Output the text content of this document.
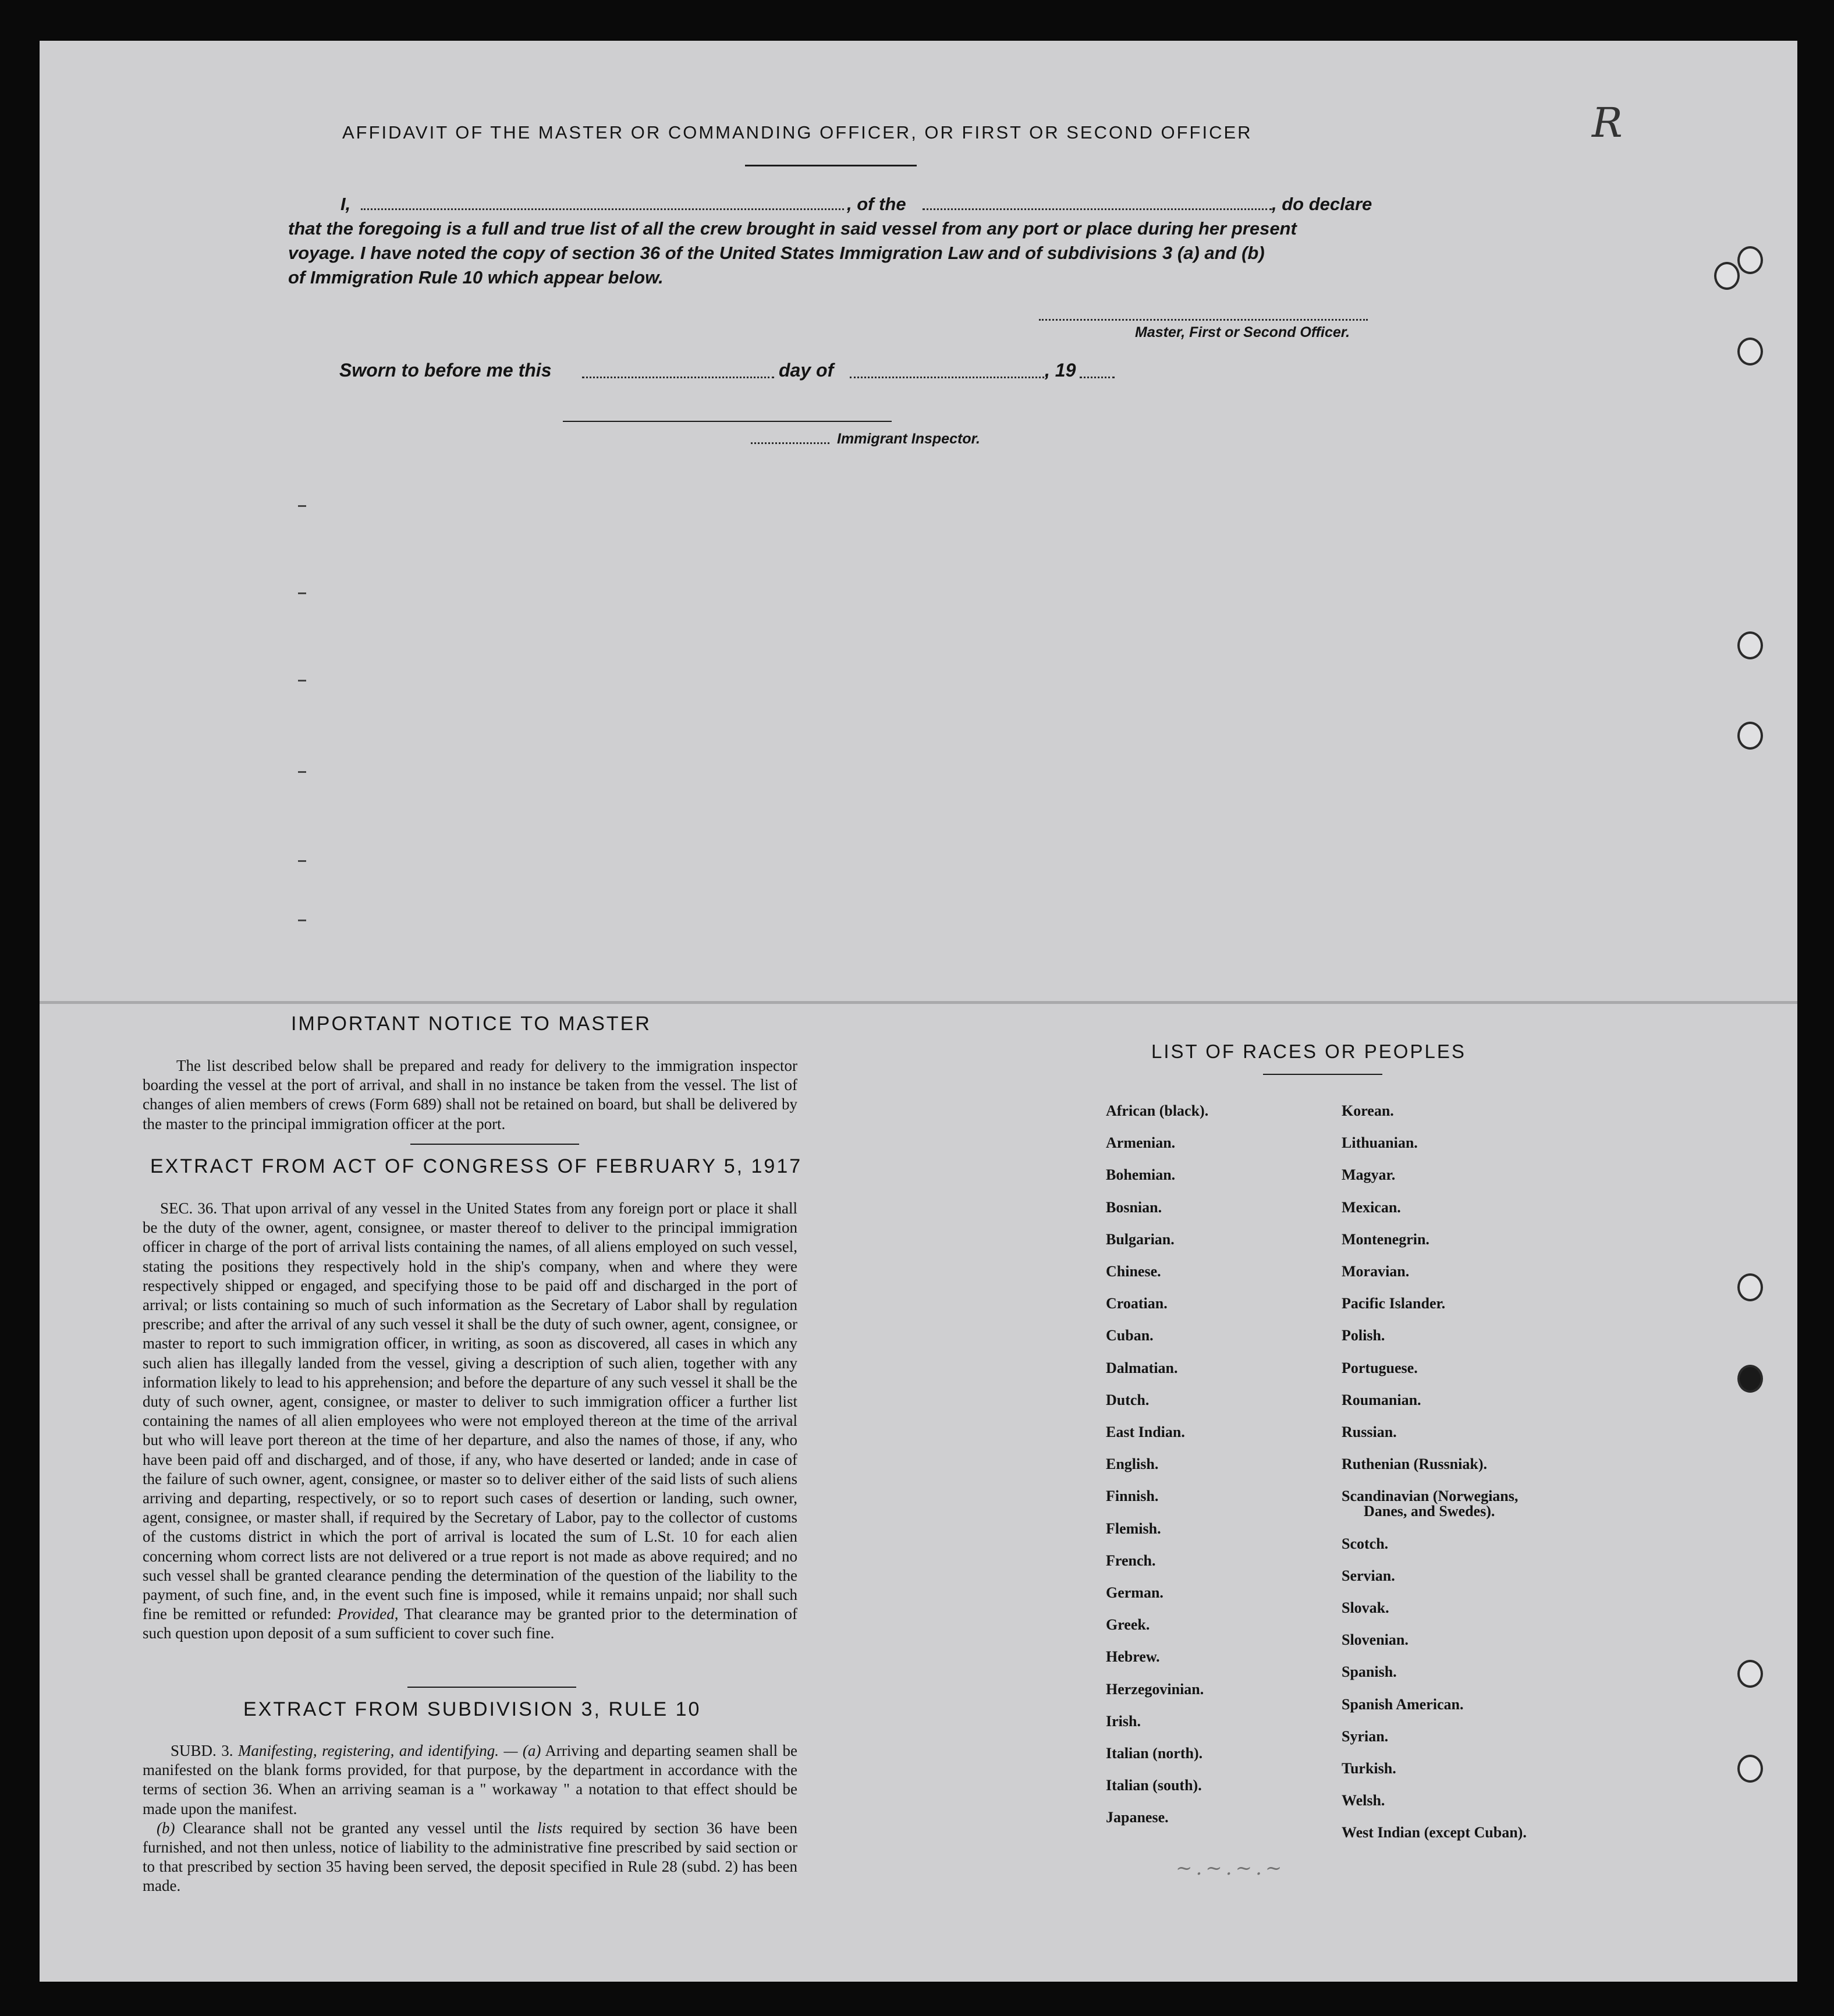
R
AFFIDAVIT OF THE MASTER OR COMMANDING OFFICER, OR FIRST OR SECOND OFFICER
I,	, of the	, do declare
that the foregoing is a full and true list of all the crew brought in said vessel from any port or place during her present
voyage. I have noted the copy of section 36 of the United States Immigration Law and of subdivisions 3 (a) and (b)
of Immigration Rule 10 which appear below.
Master, First or Second Officer.
Sworn to before me this	day of	, 19
Immigrant Inspector.
IMPORTANT NOTICE TO MASTER
The list described below shall be prepared and ready for delivery to the immigration inspector boarding the vessel at the port of arrival, and shall in no instance be taken from the vessel. The list of changes of alien members of crews (Form 689) shall not be retained on board, but shall be delivered by the master to the principal immigration officer at the port.
EXTRACT FROM ACT OF CONGRESS OF FEBRUARY 5, 1917
SEC. 36. That upon arrival of any vessel in the United States from any foreign port or place it shall be the duty of the owner, agent, consignee, or master thereof to deliver to the principal immigration officer in charge of the port of arrival lists containing the names, of all aliens employed on such vessel, stating the positions they respectively hold in the ship's company, when and where they were respectively shipped or engaged, and specifying those to be paid off and discharged in the port of arrival; or lists containing so much of such information as the Secretary of Labor shall by regulation prescribe; and after the arrival of any such vessel it shall be the duty of such owner, agent, consignee, or master to report to such immigration officer, in writing, as soon as discovered, all cases in which any such alien has illegally landed from the vessel, giving a description of such alien, together with any information likely to lead to his apprehension; and before the departure of any such vessel it shall be the duty of such owner, agent, consignee, or master to deliver to such immigration officer a further list containing the names of all alien employees who were not employed thereon at the time of the arrival but who will leave port thereon at the time of her departure, and also the names of those, if any, who have been paid off and discharged, and of those, if any, who have deserted or landed; ande in case of the failure of such owner, agent, consignee, or master so to deliver either of the said lists of such aliens arriving and departing, respectively, or so to report such cases of desertion or landing, such owner, agent, consignee, or master shall, if required by the Secretary of Labor, pay to the collector of customs of the customs district in which the port of arrival is located the sum of L.St. 10 for each alien concerning whom correct lists are not delivered or a true report is not made as above required; and no such vessel shall be granted clearance pending the determination of the question of the liability to the payment, of such fine, and, in the event such fine is imposed, while it remains unpaid; nor shall such fine be remitted or refunded: Provided, That clearance may be granted prior to the determination of such question upon deposit of a sum sufficient to cover such fine.
EXTRACT FROM SUBDIVISION 3, RULE 10
SUBD. 3. Manifesting, registering, and identifying. — (a) Arriving and departing seamen shall be manifested on the blank forms provided, for that purpose, by the department in accordance with the terms of section 36. When an arriving seaman is a " workaway " a notation to that effect should be made upon the manifest.
(b) Clearance shall not be granted any vessel until the lists required by section 36 have been furnished, and not then unless, notice of liability to the administrative fine prescribed by said section or to that prescribed by section 35 having been served, the deposit specified in Rule 28 (subd. 2) has been made.
LIST OF RACES OR PEOPLES
African (black).
Armenian.
Bohemian.
Bosnian.
Bulgarian.
Chinese.
Croatian.
Cuban.
Dalmatian.
Dutch.
East Indian.
English.
Finnish.
Flemish.
French.
German.
Greek.
Hebrew.
Herzegovinian.
Irish.
Italian (north).
Italian (south).
Japanese.
Korean.
Lithuanian.
Magyar.
Mexican.
Montenegrin.
Moravian.
Pacific Islander.
Polish.
Portuguese.
Roumanian.
Russian.
Ruthenian (Russniak).
Scandinavian (Norwegians,
Danes, and Swedes).
Scotch.
Servian.
Slovak.
Slovenian.
Spanish.
Spanish American.
Syrian.
Turkish.
Welsh.
West Indian (except Cuban).
~.~.~.~
